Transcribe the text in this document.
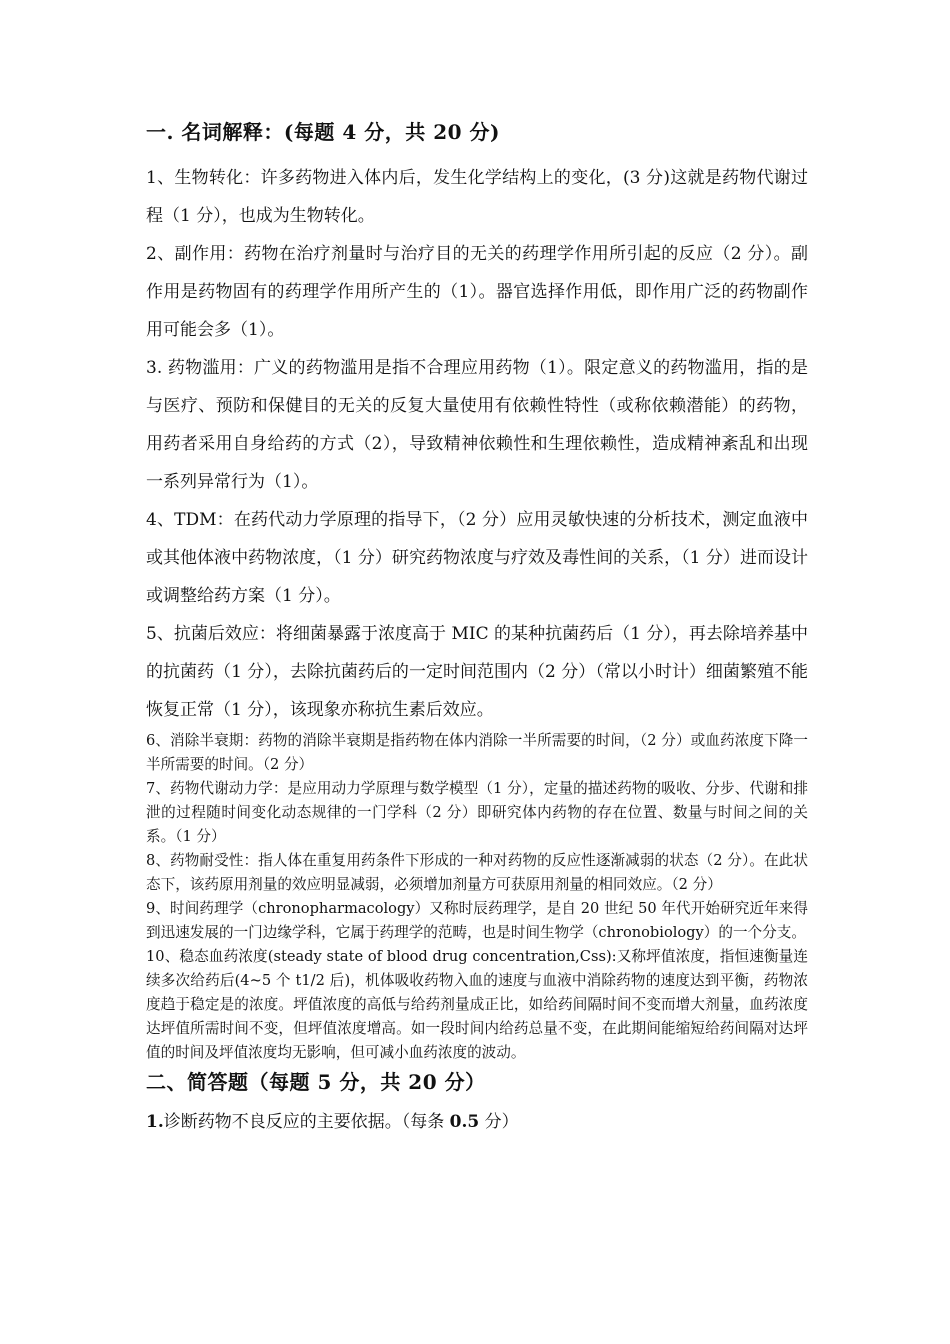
一. 名词解释：(每题 4 分，共 20 分)

1、生物转化：许多药物进入体内后，发生化学结构上的变化，(3 分)这就是药物代谢过程（1 分），也成为生物转化。

2、副作用：药物在治疗剂量时与治疗目的无关的药理学作用所引起的反应（2 分）。副作用是药物固有的药理学作用所产生的（1）。器官选择作用低，即作用广泛的药物副作用可能会多（1）。

3. 药物滥用：广义的药物滥用是指不合理应用药物（1）。限定意义的药物滥用，指的是与医疗、预防和保健目的无关的反复大量使用有依赖性特性（或称依赖潜能）的药物，用药者采用自身给药的方式（2），导致精神依赖性和生理依赖性，造成精神紊乱和出现一系列异常行为（1）。

4、TDM：在药代动力学原理的指导下，（2 分）应用灵敏快速的分析技术，测定血液中或其他体液中药物浓度，（1 分）研究药物浓度与疗效及毒性间的关系，（1 分）进而设计或调整给药方案（1 分）。

5、抗菌后效应：将细菌暴露于浓度高于 MIC 的某种抗菌药后（1 分），再去除培养基中的抗菌药（1 分），去除抗菌药后的一定时间范围内（2 分）（常以小时计）细菌繁殖不能恢复正常（1 分），该现象亦称抗生素后效应。

6、消除半衰期：药物的消除半衰期是指药物在体内消除一半所需要的时间，（2 分）或血药浓度下降一半所需要的时间。（2 分）

7、药物代谢动力学：是应用动力学原理与数学模型（1 分），定量的描述药物的吸收、分步、代谢和排泄的过程随时间变化动态规律的一门学科（2 分）即研究体内药物的存在位置、数量与时间之间的关系。（1 分）

8、药物耐受性：指人体在重复用药条件下形成的一种对药物的反应性逐渐减弱的状态（2 分）。在此状态下，该药原用剂量的效应明显减弱，必须增加剂量方可获原用剂量的相同效应。（2 分）

9、时间药理学（chronopharmacology）又称时辰药理学，是自 20 世纪 50 年代开始研究近年来得到迅速发展的一门边缘学科，它属于药理学的范畴，也是时间生物学（chronobiology）的一个分支。

10、稳态血药浓度(steady state of blood drug concentration,Css):又称坪值浓度，指恒速衡量连续多次给药后(4~5 个 t1/2 后)，机体吸收药物入血的速度与血液中消除药物的速度达到平衡，药物浓度趋于稳定是的浓度。坪值浓度的高低与给药剂量成正比，如给药间隔时间不变而增大剂量，血药浓度达坪值所需时间不变，但坪值浓度增高。如一段时间内给药总量不变，在此期间能缩短给药间隔对达坪值的时间及坪值浓度均无影响，但可减小血药浓度的波动。

二、简答题（每题 5 分，共 20 分）

1.诊断药物不良反应的主要依据。（每条 0.5 分）
